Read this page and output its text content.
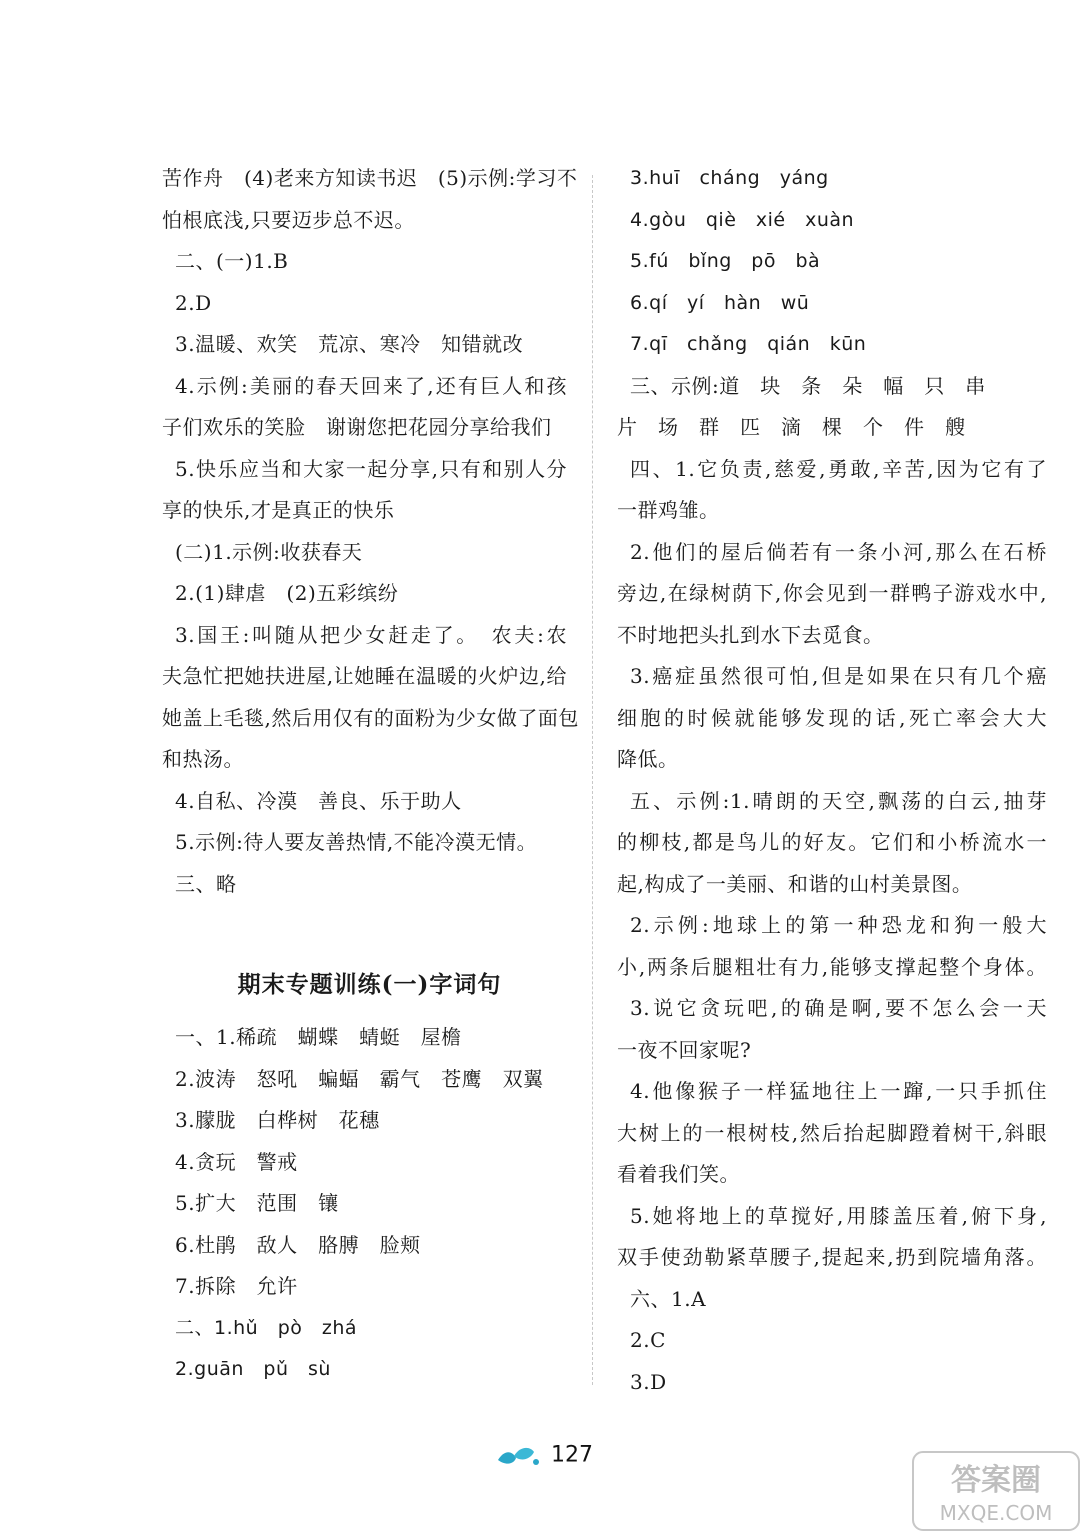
苦作舟　(4)老来方知读书迟　(5)示例:学习不
怕根底浅,只要迈步总不迟。
二、(一)1.B
2.D
3.温暖、欢笑　荒凉、寒冷　知错就改
4.示例:美丽的春天回来了,还有巨人和孩
子们欢乐的笑脸　谢谢您把花园分享给我们
5.快乐应当和大家一起分享,只有和别人分
享的快乐,才是真正的快乐
(二)1.示例:收获春天
2.(1)肆虐　(2)五彩缤纷
3.国王:叫随从把少女赶走了。　农夫:农
夫急忙把她扶进屋,让她睡在温暖的火炉边,给
她盖上毛毯,然后用仅有的面粉为少女做了面包
和热汤。
4.自私、冷漠　善良、乐于助人
5.示例:待人要友善热情,不能冷漠无情。
三、略
期末专题训练(一)字词句
一、1.稀疏　蝴蝶　蜻蜓　屋檐
2.波涛　怒吼　蝙蝠　霸气　苍鹰　双翼
3.朦胧　白桦树　花穗
4.贪玩　警戒
5.扩大　范围　镶
6.杜鹃　敌人　胳膊　脸颊
7.拆除　允许
二、1.hǔ　pò　zhá
2.guān　pǔ　sù
3.huī　cháng　yáng
4.gòu　qiè　xié　xuàn
5.fú　bǐng　pō　bà
6.qí　yí　hàn　wū
7.qī　chǎng　qián　kūn
三、示例:道　块　条　朵　幅　只　串
片　场　群　匹　滴　棵　个　件　艘
四、1.它负责,慈爱,勇敢,辛苦,因为它有了
一群鸡雏。
2.他们的屋后倘若有一条小河,那么在石桥
旁边,在绿树荫下,你会见到一群鸭子游戏水中,
不时地把头扎到水下去觅食。
3.癌症虽然很可怕,但是如果在只有几个癌
细胞的时候就能够发现的话,死亡率会大大
降低。
五、示例:1.晴朗的天空,飘荡的白云,抽芽
的柳枝,都是鸟儿的好友。它们和小桥流水一
起,构成了一美丽、和谐的山村美景图。
2.示例:地球上的第一种恐龙和狗一般大
小,两条后腿粗壮有力,能够支撑起整个身体。
3.说它贪玩吧,的确是啊,要不怎么会一天
一夜不回家呢?
4.他像猴子一样猛地往上一蹿,一只手抓住
大树上的一根树枝,然后抬起脚蹬着树干,斜眼
看着我们笑。
5.她将地上的草搅好,用膝盖压着,俯下身,
双手使劲勒紧草腰子,提起来,扔到院墙角落。
六、1.A
2.C
3.D
127
答案圈
MXQE.COM
